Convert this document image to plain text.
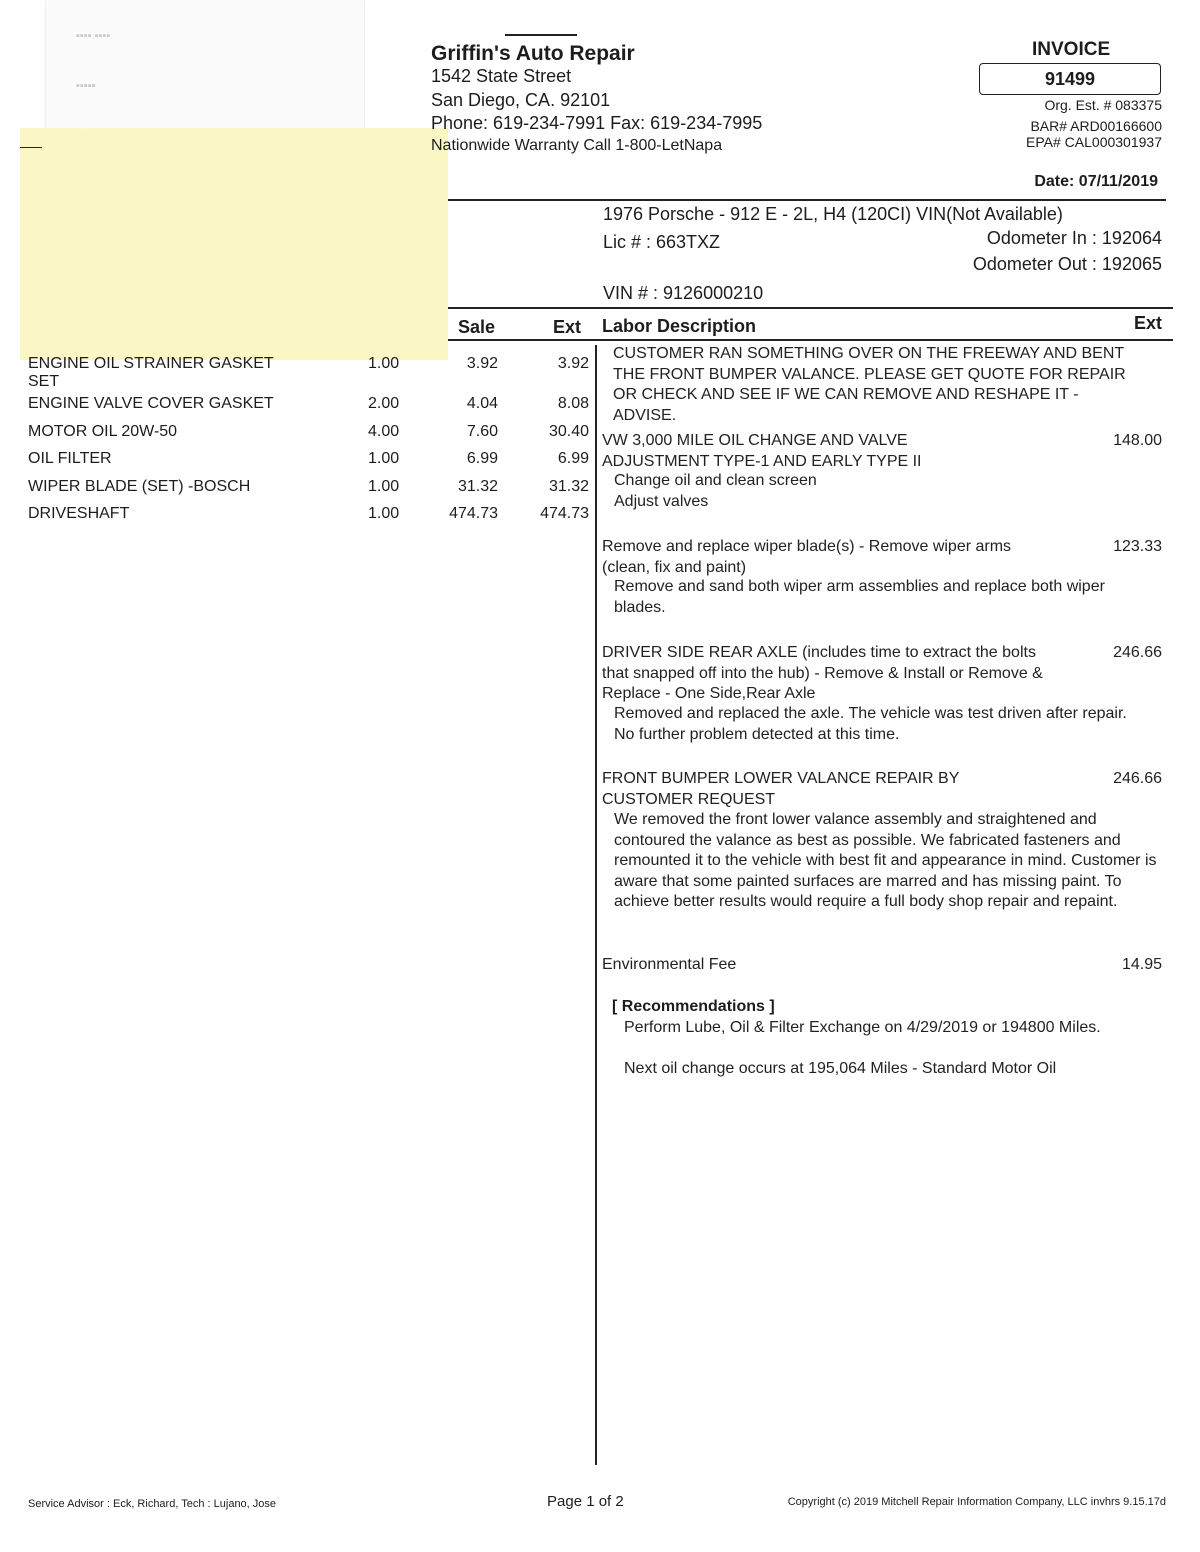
▪▪▪▪ ▪▪▪▪
▪▪▪▪▪
Griffin's Auto Repair
1542 State Street
San Diego, CA. 92101
Phone: 619-234-7991 Fax: 619-234-7995
Nationwide Warranty Call 1-800-LetNapa
INVOICE
91499
Org. Est. # 083375
BAR# ARD00166600
EPA# CAL000301937
Date: 07/11/2019
1976 Porsche - 912 E - 2L, H4 (120CI) VIN(Not Available)
Lic # : 663TXZ	Odometer In : 192064
Odometer Out : 192065
VIN # : 9126000210
Sale	Ext Labor Description	Ext
ENGINE OIL STRAINER GASKET
SET
1.00	3.92	3.92
ENGINE VALVE COVER GASKET	2.00	4.04	8.08
MOTOR OIL 20W-50	4.00	7.60	30.40
OIL FILTER	1.00	6.99	6.99
WIPER BLADE (SET) -BOSCH	1.00	31.32	31.32
DRIVESHAFT	1.00	474.73	474.73
CUSTOMER RAN SOMETHING OVER ON THE FREEWAY AND BENT THE FRONT BUMPER VALANCE. PLEASE GET QUOTE FOR REPAIR OR CHECK AND SEE IF WE CAN REMOVE AND RESHAPE IT - ADVISE.
VW 3,000 MILE OIL CHANGE AND VALVE ADJUSTMENT TYPE-1 AND EARLY TYPE II
148.00
Change oil and clean screen
Adjust valves
Remove and replace wiper blade(s) - Remove wiper arms (clean, fix and paint)
123.33
Remove and sand both wiper arm assemblies and replace both wiper blades.
DRIVER SIDE REAR AXLE (includes time to extract the bolts that snapped off into the hub) - Remove & Install or Remove & Replace - One Side,Rear Axle
246.66
Removed and replaced the axle. The vehicle was test driven after repair. No further problem detected at this time.
FRONT BUMPER LOWER VALANCE REPAIR BY CUSTOMER REQUEST
246.66
We removed the front lower valance assembly and straightened and contoured the valance as best as possible. We fabricated fasteners and remounted it to the vehicle with best fit and appearance in mind. Customer is aware that some painted surfaces are marred and has missing paint. To achieve better results would require a full body shop repair and repaint.
Environmental Fee	14.95
[ Recommendations ]
Perform Lube, Oil & Filter Exchange on 4/29/2019 or 194800 Miles.
Next oil change occurs at 195,064 Miles - Standard Motor Oil
Service Advisor : Eck, Richard, Tech : Lujano, Jose	Page 1 of 2	Copyright (c) 2019 Mitchell Repair Information Company, LLC invhrs 9.15.17d
